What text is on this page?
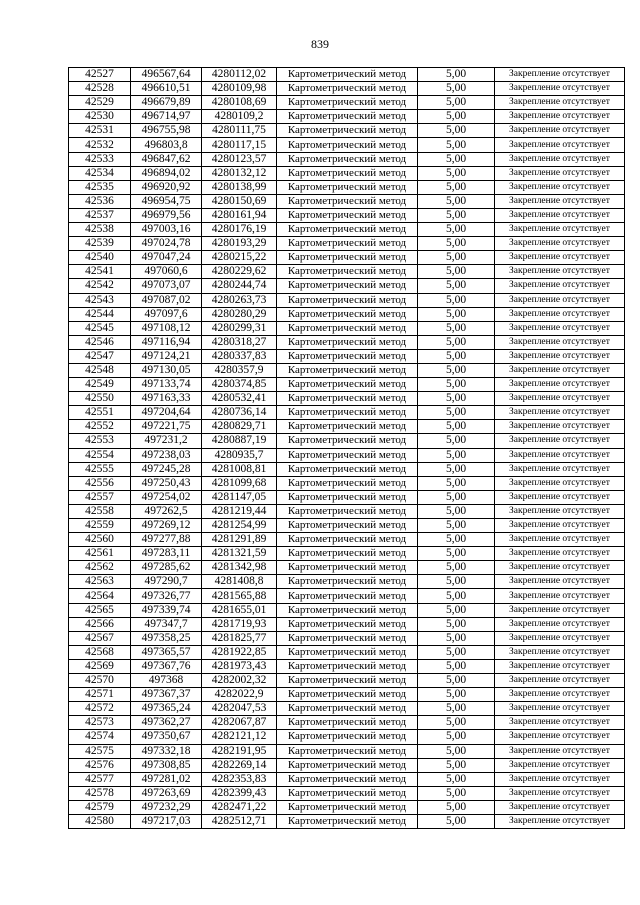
839
42527	496567,64	4280112,02	Картометрический метод	5,00	Закрепление отсутствует
42528	496610,51	4280109,98	Картометрический метод	5,00	Закрепление отсутствует
42529	496679,89	4280108,69	Картометрический метод	5,00	Закрепление отсутствует
42530	496714,97	4280109,2	Картометрический метод	5,00	Закрепление отсутствует
42531	496755,98	4280111,75	Картометрический метод	5,00	Закрепление отсутствует
42532	496803,8	4280117,15	Картометрический метод	5,00	Закрепление отсутствует
42533	496847,62	4280123,57	Картометрический метод	5,00	Закрепление отсутствует
42534	496894,02	4280132,12	Картометрический метод	5,00	Закрепление отсутствует
42535	496920,92	4280138,99	Картометрический метод	5,00	Закрепление отсутствует
42536	496954,75	4280150,69	Картометрический метод	5,00	Закрепление отсутствует
42537	496979,56	4280161,94	Картометрический метод	5,00	Закрепление отсутствует
42538	497003,16	4280176,19	Картометрический метод	5,00	Закрепление отсутствует
42539	497024,78	4280193,29	Картометрический метод	5,00	Закрепление отсутствует
42540	497047,24	4280215,22	Картометрический метод	5,00	Закрепление отсутствует
42541	497060,6	4280229,62	Картометрический метод	5,00	Закрепление отсутствует
42542	497073,07	4280244,74	Картометрический метод	5,00	Закрепление отсутствует
42543	497087,02	4280263,73	Картометрический метод	5,00	Закрепление отсутствует
42544	497097,6	4280280,29	Картометрический метод	5,00	Закрепление отсутствует
42545	497108,12	4280299,31	Картометрический метод	5,00	Закрепление отсутствует
42546	497116,94	4280318,27	Картометрический метод	5,00	Закрепление отсутствует
42547	497124,21	4280337,83	Картометрический метод	5,00	Закрепление отсутствует
42548	497130,05	4280357,9	Картометрический метод	5,00	Закрепление отсутствует
42549	497133,74	4280374,85	Картометрический метод	5,00	Закрепление отсутствует
42550	497163,33	4280532,41	Картометрический метод	5,00	Закрепление отсутствует
42551	497204,64	4280736,14	Картометрический метод	5,00	Закрепление отсутствует
42552	497221,75	4280829,71	Картометрический метод	5,00	Закрепление отсутствует
42553	497231,2	4280887,19	Картометрический метод	5,00	Закрепление отсутствует
42554	497238,03	4280935,7	Картометрический метод	5,00	Закрепление отсутствует
42555	497245,28	4281008,81	Картометрический метод	5,00	Закрепление отсутствует
42556	497250,43	4281099,68	Картометрический метод	5,00	Закрепление отсутствует
42557	497254,02	4281147,05	Картометрический метод	5,00	Закрепление отсутствует
42558	497262,5	4281219,44	Картометрический метод	5,00	Закрепление отсутствует
42559	497269,12	4281254,99	Картометрический метод	5,00	Закрепление отсутствует
42560	497277,88	4281291,89	Картометрический метод	5,00	Закрепление отсутствует
42561	497283,11	4281321,59	Картометрический метод	5,00	Закрепление отсутствует
42562	497285,62	4281342,98	Картометрический метод	5,00	Закрепление отсутствует
42563	497290,7	4281408,8	Картометрический метод	5,00	Закрепление отсутствует
42564	497326,77	4281565,88	Картометрический метод	5,00	Закрепление отсутствует
42565	497339,74	4281655,01	Картометрический метод	5,00	Закрепление отсутствует
42566	497347,7	4281719,93	Картометрический метод	5,00	Закрепление отсутствует
42567	497358,25	4281825,77	Картометрический метод	5,00	Закрепление отсутствует
42568	497365,57	4281922,85	Картометрический метод	5,00	Закрепление отсутствует
42569	497367,76	4281973,43	Картометрический метод	5,00	Закрепление отсутствует
42570	497368	4282002,32	Картометрический метод	5,00	Закрепление отсутствует
42571	497367,37	4282022,9	Картометрический метод	5,00	Закрепление отсутствует
42572	497365,24	4282047,53	Картометрический метод	5,00	Закрепление отсутствует
42573	497362,27	4282067,87	Картометрический метод	5,00	Закрепление отсутствует
42574	497350,67	4282121,12	Картометрический метод	5,00	Закрепление отсутствует
42575	497332,18	4282191,95	Картометрический метод	5,00	Закрепление отсутствует
42576	497308,85	4282269,14	Картометрический метод	5,00	Закрепление отсутствует
42577	497281,02	4282353,83	Картометрический метод	5,00	Закрепление отсутствует
42578	497263,69	4282399,43	Картометрический метод	5,00	Закрепление отсутствует
42579	497232,29	4282471,22	Картометрический метод	5,00	Закрепление отсутствует
42580	497217,03	4282512,71	Картометрический метод	5,00	Закрепление отсутствует
